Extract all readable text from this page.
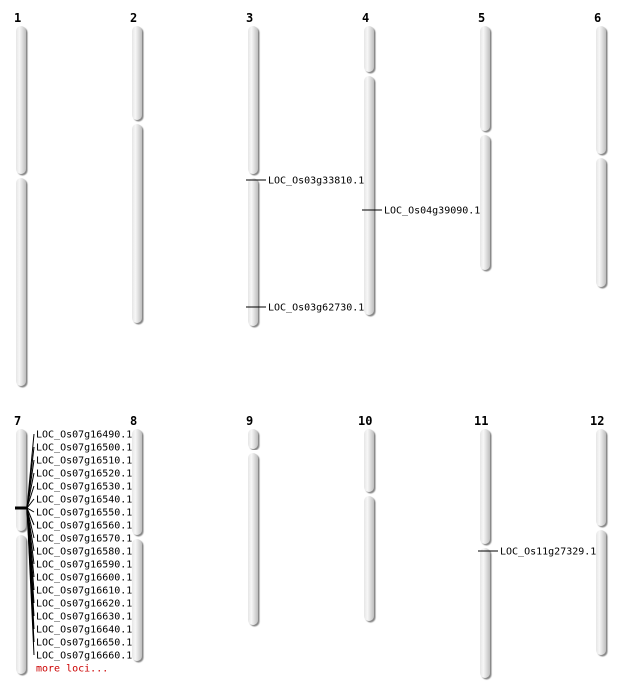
1	2	3	4	5	6
7	8	9	10	11	12
LOC_Os03g33810.1
LOC_Os03g62730.1
LOC_Os04g39090.1
LOC_Os07g16490.1
LOC_Os07g16500.1
LOC_Os07g16510.1
LOC_Os07g16520.1
LOC_Os07g16530.1
LOC_Os07g16540.1
LOC_Os07g16550.1
LOC_Os07g16560.1
LOC_Os07g16570.1
LOC_Os07g16580.1
LOC_Os07g16590.1
LOC_Os07g16600.1
LOC_Os07g16610.1
LOC_Os07g16620.1
LOC_Os07g16630.1
LOC_Os07g16640.1
LOC_Os07g16650.1
LOC_Os07g16660.1
more loci...
LOC_Os11g27329.1
